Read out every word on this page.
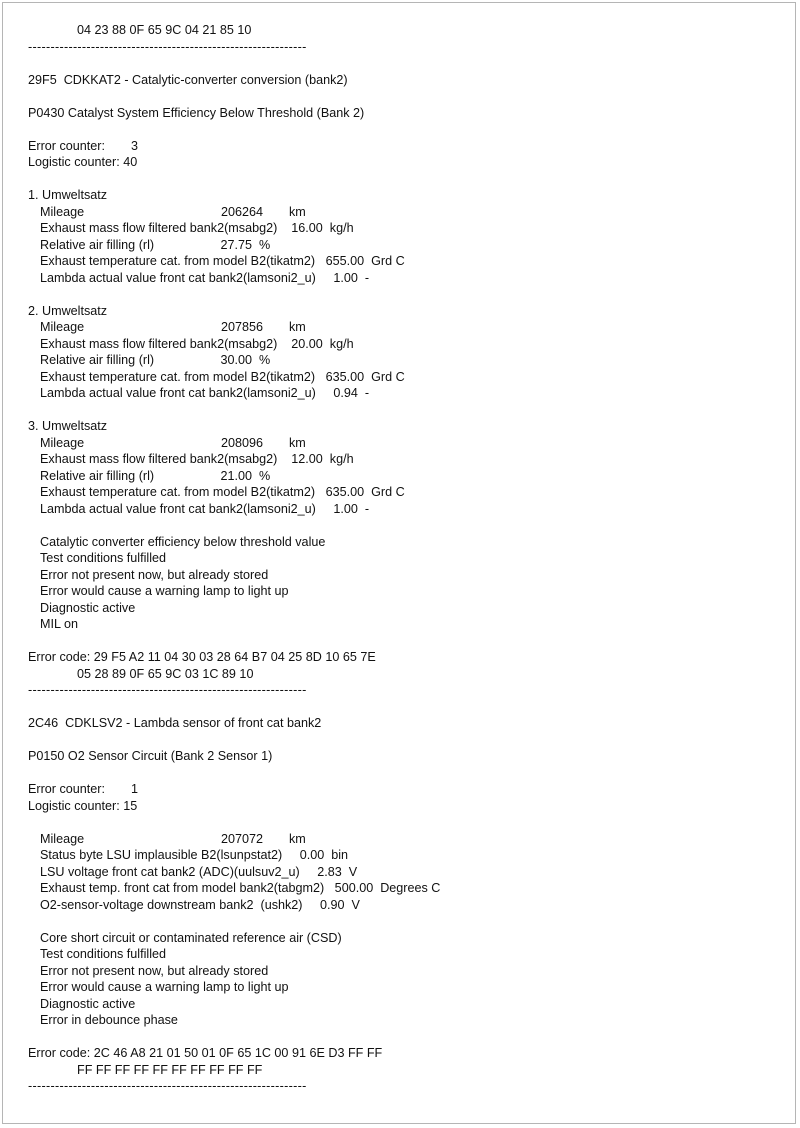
04 23 88 0F 65 9C 04 21 85 10
--------------------------------------------------------------
29F5  CDKKAT2 - Catalytic-converter conversion (bank2)
P0430 Catalyst System Efficiency Below Threshold (Bank 2)
Error counter:	3
Logistic counter:
40
1. Umweltsatz
Mileage	206264	km
Exhaust mass flow filtered bank2(msabg2)    16.00  kg/h
Relative air filling (rl)                   27.75  %
Exhaust temperature cat. from model B2(tikatm2)   655.00  Grd C
Lambda actual value front cat bank2(lamsoni2_u)     1.00  -
2. Umweltsatz
Mileage	207856	km
Exhaust mass flow filtered bank2(msabg2)    20.00  kg/h
Relative air filling (rl)                   30.00  %
Exhaust temperature cat. from model B2(tikatm2)   635.00  Grd C
Lambda actual value front cat bank2(lamsoni2_u)     0.94  -
3. Umweltsatz
Mileage	208096	km
Exhaust mass flow filtered bank2(msabg2)    12.00  kg/h
Relative air filling (rl)                   21.00  %
Exhaust temperature cat. from model B2(tikatm2)   635.00  Grd C
Lambda actual value front cat bank2(lamsoni2_u)     1.00  -
Catalytic converter efficiency below threshold value
Test conditions fulfilled
Error not present now, but already stored
Error would cause a warning lamp to light up
Diagnostic active
MIL on
Error code: 29 F5 A2 11 04 30 03 28 64 B7 04 25 8D 10 65 7E
05 28 89 0F 65 9C 03 1C 89 10
--------------------------------------------------------------
2C46  CDKLSV2 - Lambda sensor of front cat bank2
P0150 O2 Sensor Circuit (Bank 2 Sensor 1)
Error counter:	1
Logistic counter:
15
Mileage	207072	km
Status byte LSU implausible B2(lsunpstat2)     0.00  bin
LSU voltage front cat bank2 (ADC)(uulsuv2_u)     2.83  V
Exhaust temp. front cat from model bank2(tabgm2)   500.00  Degrees C
O2-sensor-voltage downstream bank2  (ushk2)     0.90  V
Core short circuit or contaminated reference air (CSD)
Test conditions fulfilled
Error not present now, but already stored
Error would cause a warning lamp to light up
Diagnostic active
Error in debounce phase
Error code: 2C 46 A8 21 01 50 01 0F 65 1C 00 91 6E D3 FF FF
FF FF FF FF FF FF FF FF FF FF
--------------------------------------------------------------
